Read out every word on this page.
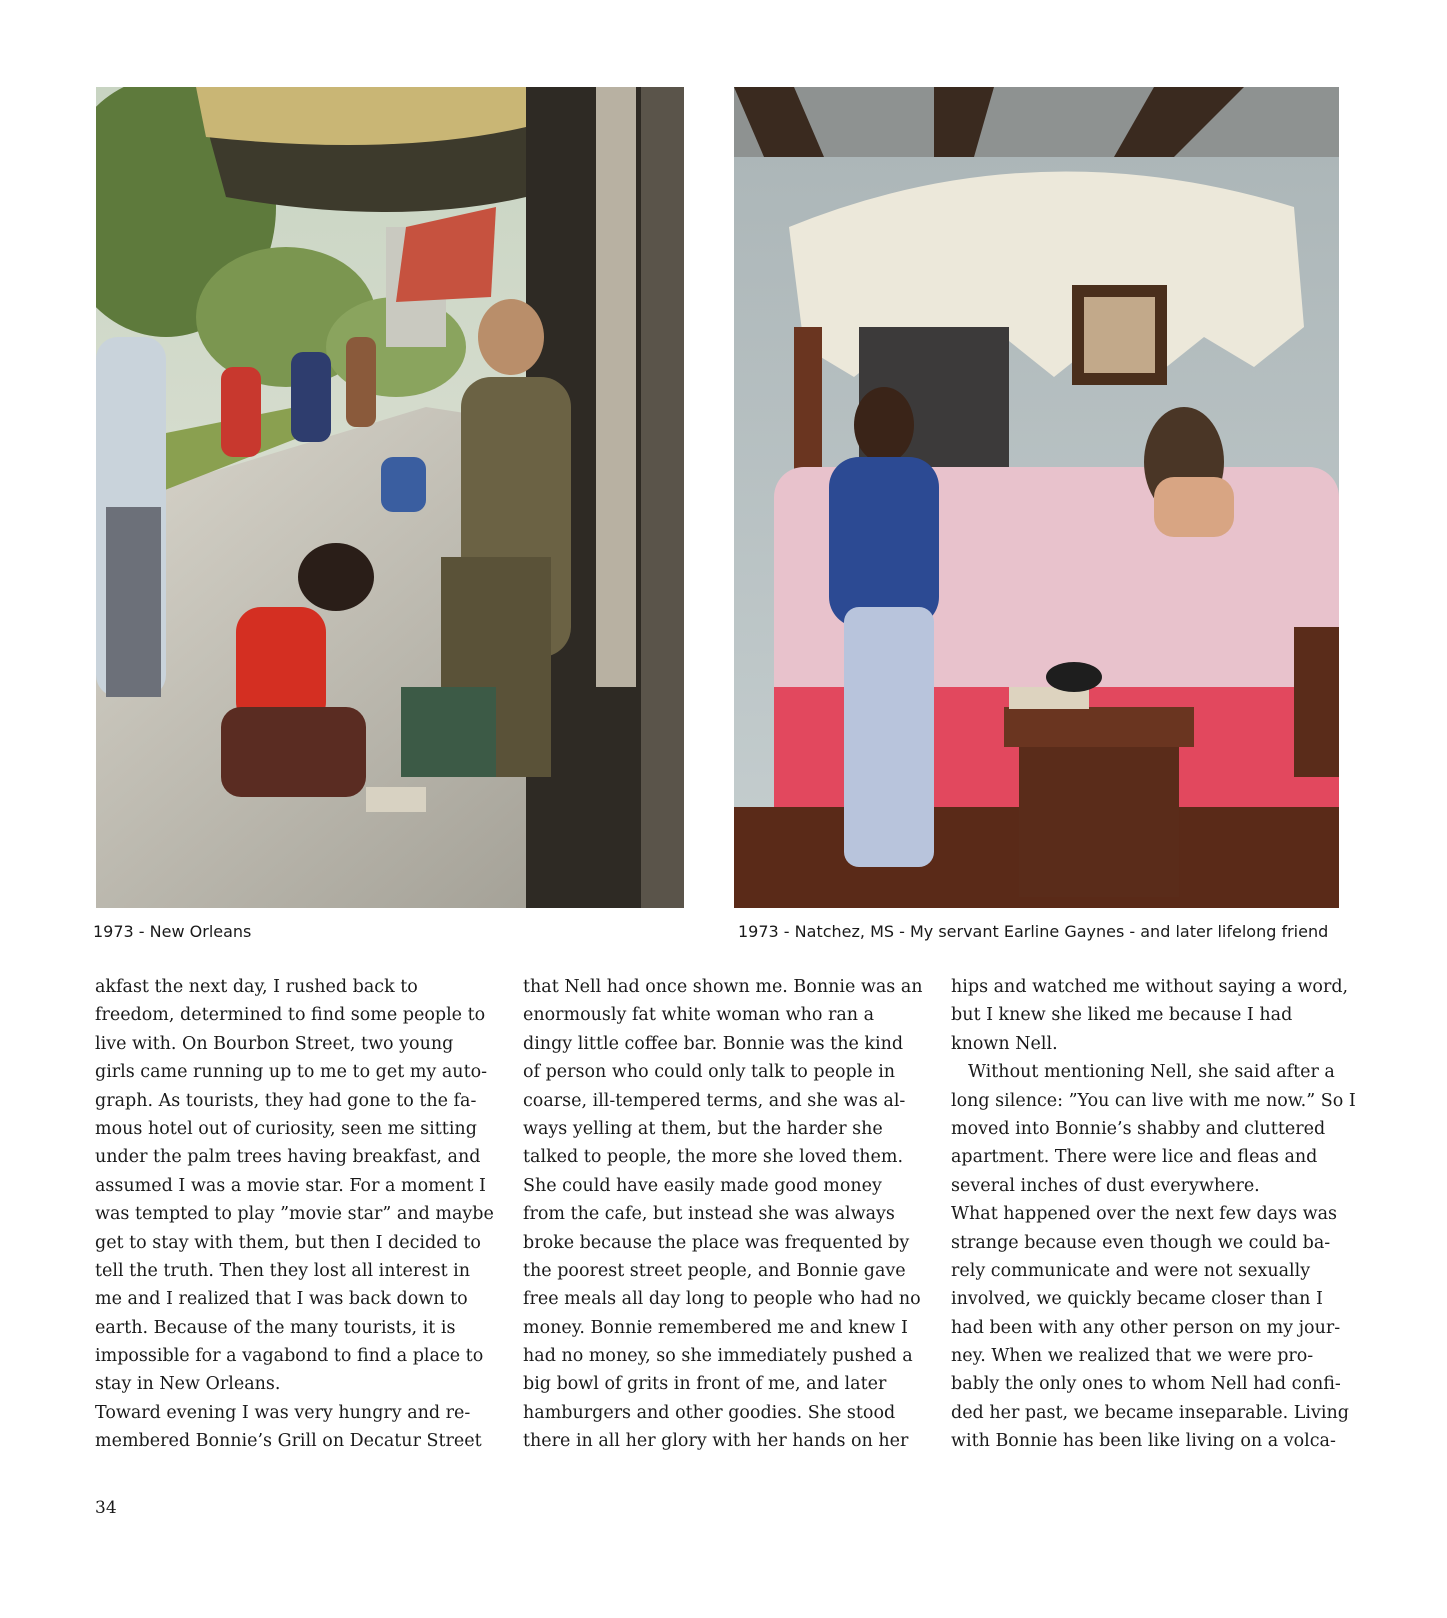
1973 - New Orleans	1973 - Natchez, MS - My servant Earline Gaynes - and later lifelong friend
akfast the next day, I rushed back to
freedom, determined to find some people to
live with. On Bourbon Street, two young
girls came running up to me to get my auto-
graph. As tourists, they had gone to the fa-
mous hotel out of curiosity, seen me sitting
under the palm trees having breakfast, and
assumed I was a movie star. For a moment I
was tempted to play ”movie star” and maybe
get to stay with them, but then I decided to
tell the truth. Then they lost all interest in
me and I realized that I was back down to
earth. Because of the many tourists, it is
impossible for a vagabond to find a place to
stay in New Orleans.
Toward evening I was very hungry and re-
membered Bonnie’s Grill on Decatur Street
that Nell had once shown me. Bonnie was an
enormously fat white woman who ran a
dingy little coffee bar. Bonnie was the kind
of person who could only talk to people in
coarse, ill-tempered terms, and she was al-
ways yelling at them, but the harder she
talked to people, the more she loved them.
She could have easily made good money
from the cafe, but instead she was always
broke because the place was frequented by
the poorest street people, and Bonnie gave
free meals all day long to people who had no
money. Bonnie remembered me and knew I
had no money, so she immediately pushed a
big bowl of grits in front of me, and later
hamburgers and other goodies. She stood
there in all her glory with her hands on her
hips and watched me without saying a word,
but I knew she liked me because I had
known Nell.
Without mentioning Nell, she said after a
long silence: ”You can live with me now.” So I
moved into Bonnie’s shabby and cluttered
apartment. There were lice and fleas and
several inches of dust everywhere.
What happened over the next few days was
strange because even though we could ba-
rely communicate and were not sexually
involved, we quickly became closer than I
had been with any other person on my jour-
ney. When we realized that we were pro-
bably the only ones to whom Nell had confi-
ded her past, we became inseparable. Living
with Bonnie has been like living on a volca-
34
